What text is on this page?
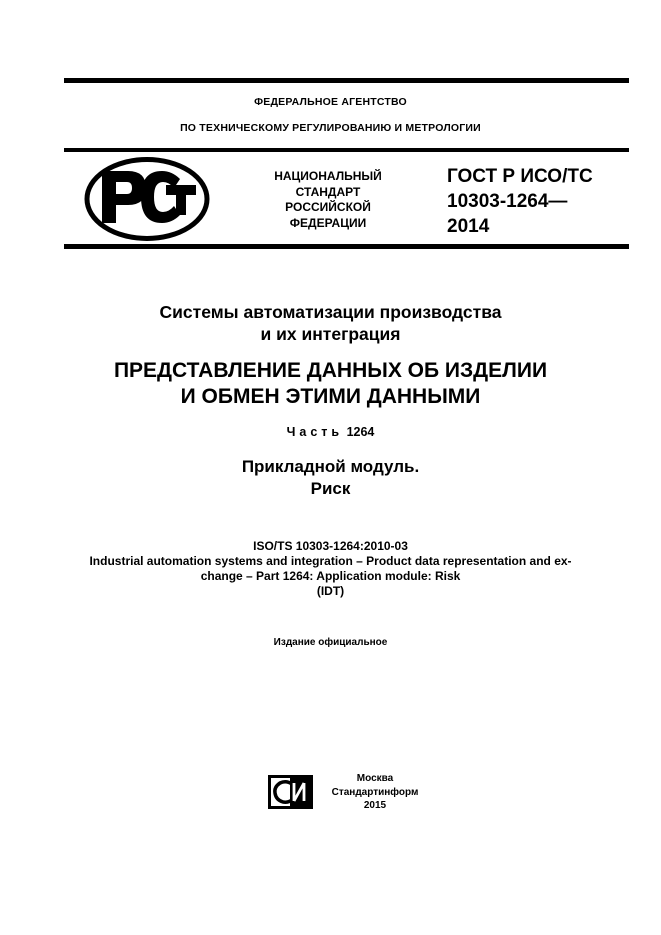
ФЕДЕРАЛЬНОЕ АГЕНТСТВО
ПО ТЕХНИЧЕСКОМУ РЕГУЛИРОВАНИЮ И МЕТРОЛОГИИ
НАЦИОНАЛЬНЫЙ
СТАНДАРТ
РОССИЙСКОЙ
ФЕДЕРАЦИИ
ГОСТ Р ИСО/ТС
10303-1264—
2014
Системы автоматизации производства
и их интеграция
ПРЕДСТАВЛЕНИЕ ДАННЫХ ОБ ИЗДЕЛИИ
И ОБМЕН ЭТИМИ ДАННЫМИ
Часть 1264
Прикладной модуль.
Риск
ISO/TS 10303-1264:2010-03
Industrial automation systems and integration – Product data representation and ex-
change – Part 1264: Application module: Risk
(IDT)
Издание официальное
Москва
Стандартинформ
2015
